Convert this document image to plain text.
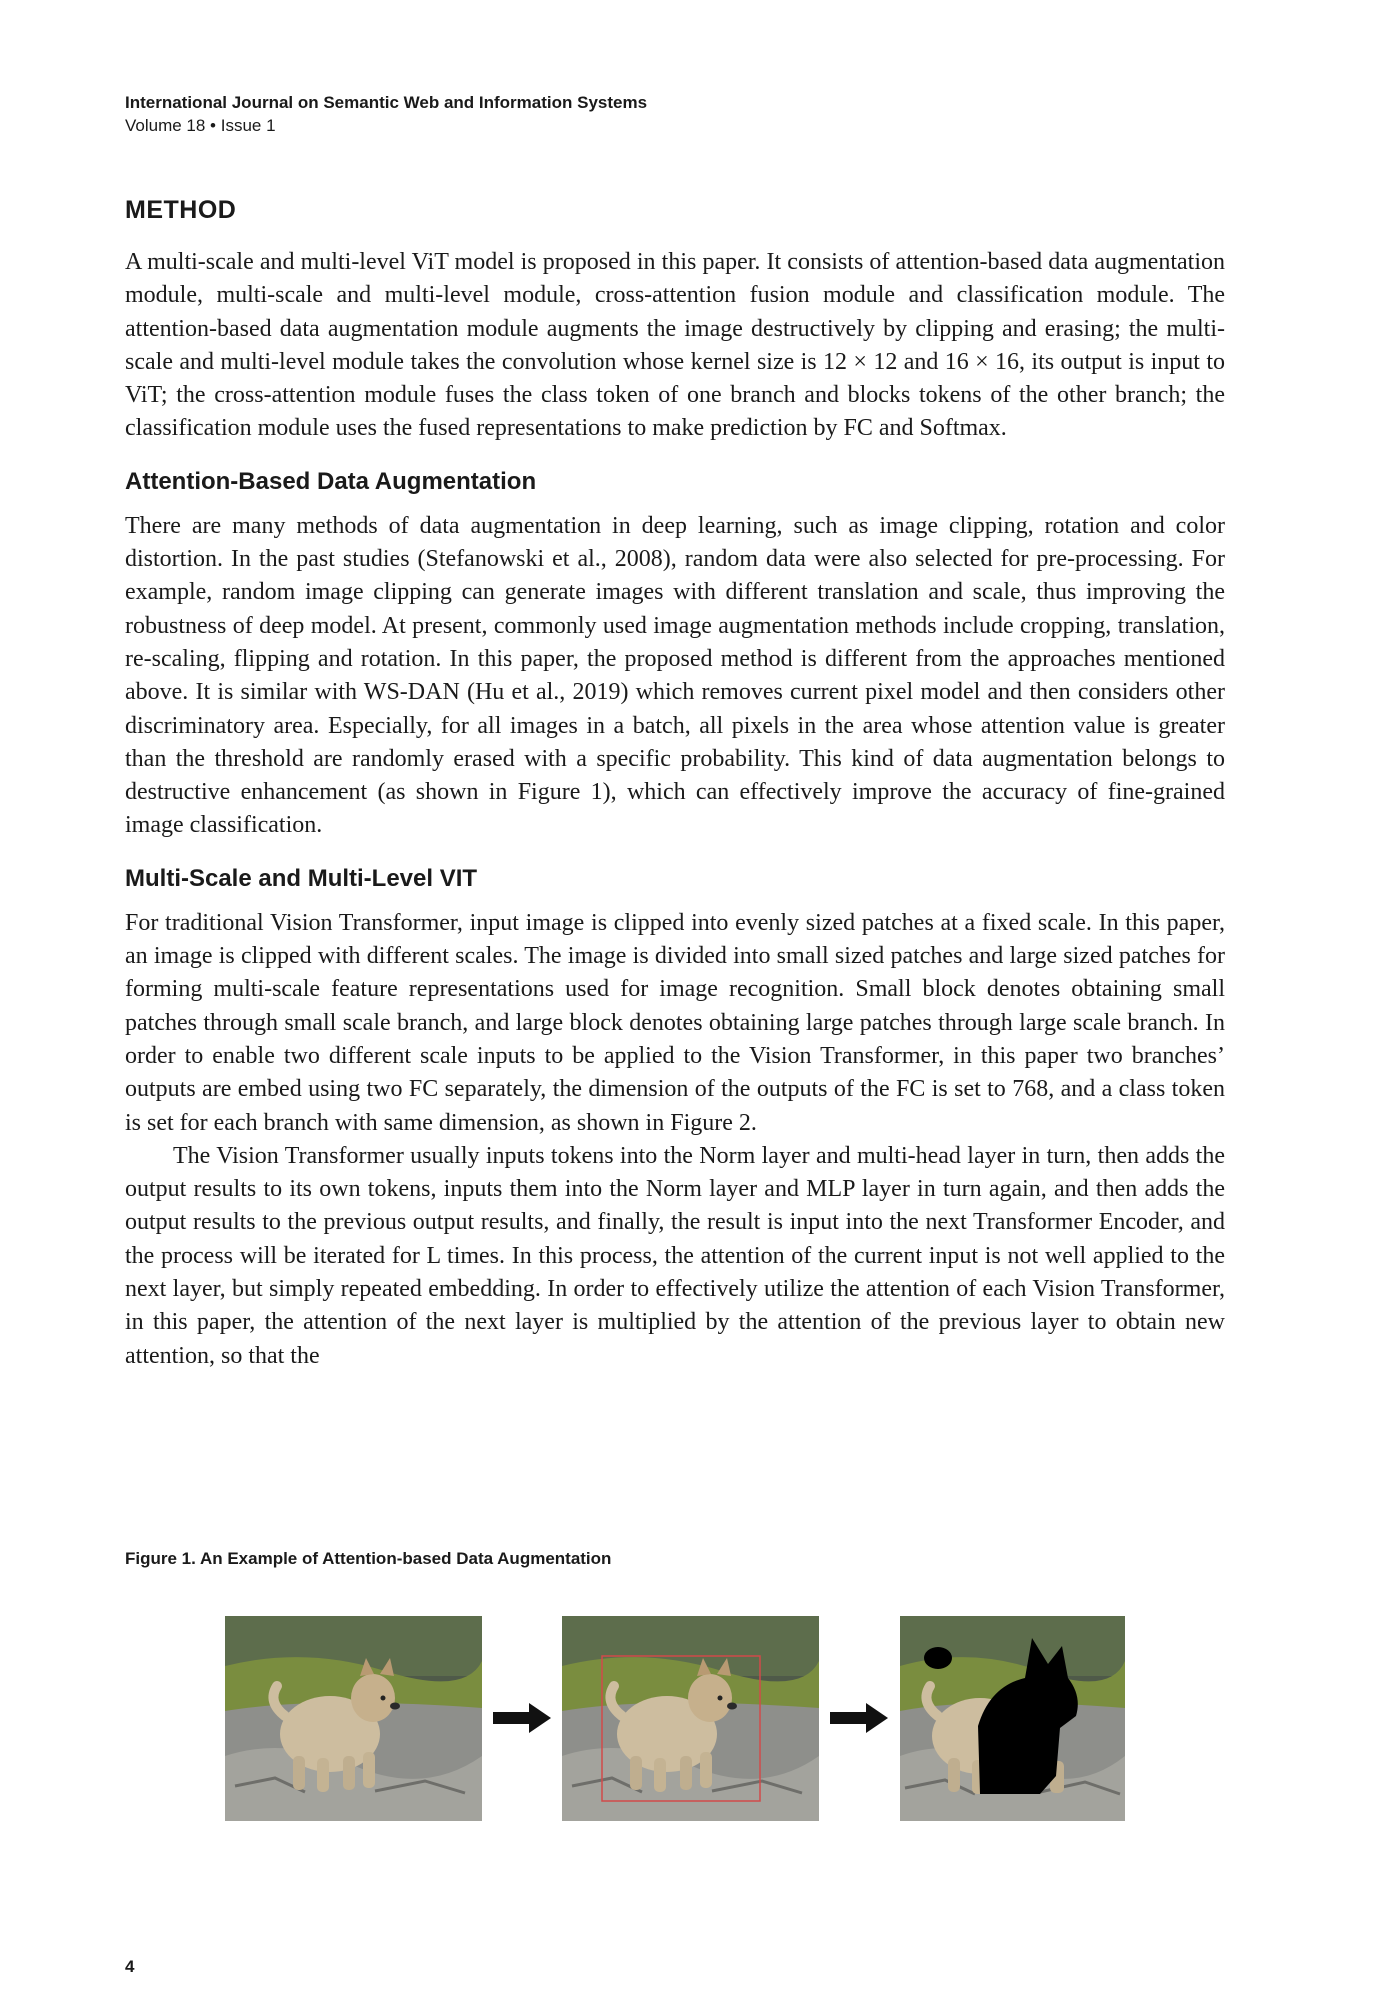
International Journal on Semantic Web and Information Systems
Volume 18 • Issue 1
METHOD

A multi-scale and multi-level ViT model is proposed in this paper. It consists of attention-based data augmentation module, multi-scale and multi-level module, cross-attention fusion module and classification module. The attention-based data augmentation module augments the image destructively by clipping and erasing; the multi-scale and multi-level module takes the convolution whose kernel size is 12 × 12 and 16 × 16, its output is input to ViT; the cross-attention module fuses the class token of one branch and blocks tokens of the other branch; the classification module uses the fused representations to make prediction by FC and Softmax.

Attention-Based Data Augmentation

There are many methods of data augmentation in deep learning, such as image clipping, rotation and color distortion. In the past studies (Stefanowski et al., 2008), random data were also selected for pre-processing. For example, random image clipping can generate images with different translation and scale, thus improving the robustness of deep model. At present, commonly used image augmentation methods include cropping, translation, re-scaling, flipping and rotation. In this paper, the proposed method is different from the approaches mentioned above. It is similar with WS-DAN (Hu et al., 2019) which removes current pixel model and then considers other discriminatory area. Especially, for all images in a batch, all pixels in the area whose attention value is greater than the threshold are randomly erased with a specific probability. This kind of data augmentation belongs to destructive enhancement (as shown in Figure 1), which can effectively improve the accuracy of fine-grained image classification.

Multi-Scale and Multi-Level VIT

For traditional Vision Transformer, input image is clipped into evenly sized patches at a fixed scale. In this paper, an image is clipped with different scales. The image is divided into small sized patches and large sized patches for forming multi-scale feature representations used for image recognition. Small block denotes obtaining small patches through small scale branch, and large block denotes obtaining large patches through large scale branch. In order to enable two different scale inputs to be applied to the Vision Transformer, in this paper two branches’ outputs are embed using two FC separately, the dimension of the outputs of the FC is set to 768, and a class token is set for each branch with same dimension, as shown in Figure 2.

The Vision Transformer usually inputs tokens into the Norm layer and multi-head layer in turn, then adds the output results to its own tokens, inputs them into the Norm layer and MLP layer in turn again, and then adds the output results to the previous output results, and finally, the result is input into the next Transformer Encoder, and the process will be iterated for L times. In this process, the attention of the current input is not well applied to the next layer, but simply repeated embedding. In order to effectively utilize the attention of each Vision Transformer, in this paper, the attention of the next layer is multiplied by the attention of the previous layer to obtain new attention, so that the

Figure 1. An Example of Attention-based Data Augmentation
4
